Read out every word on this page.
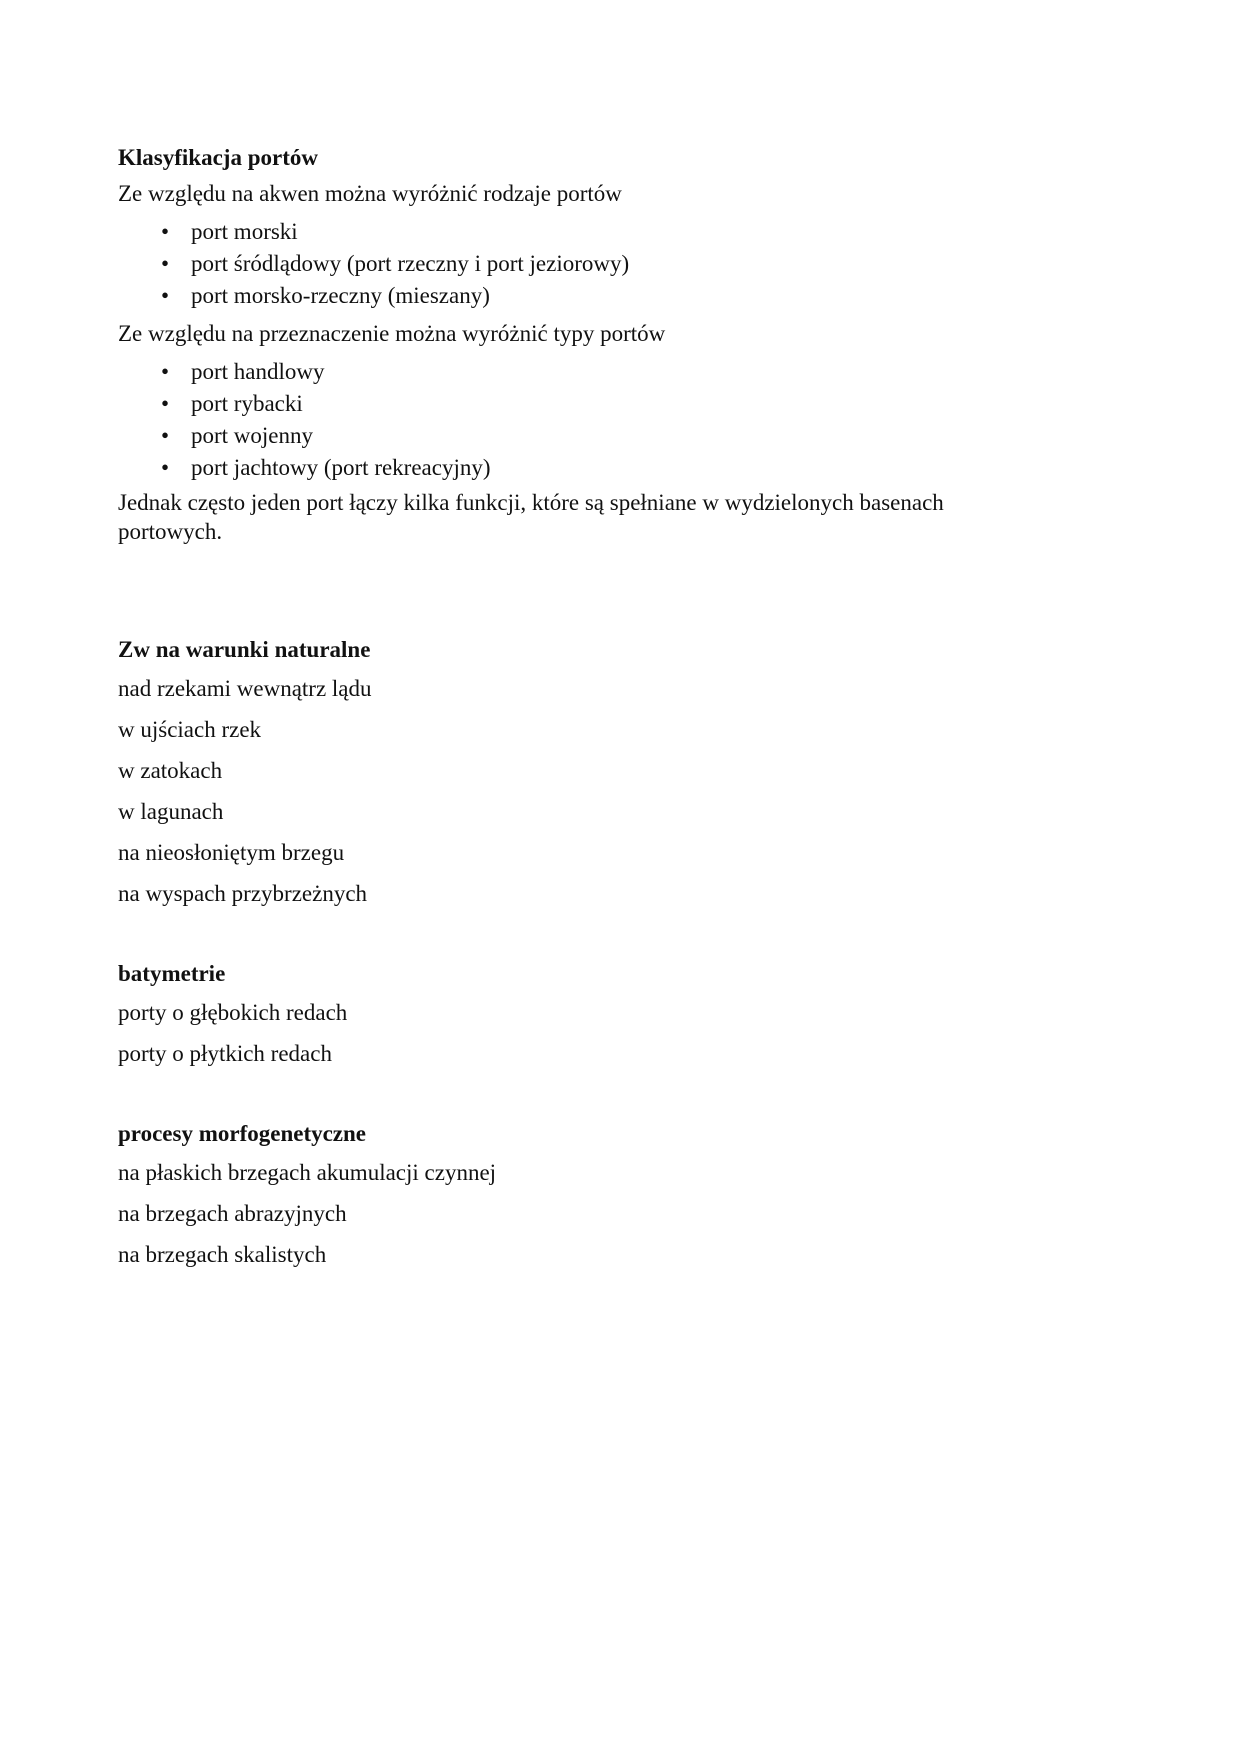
Klasyfikacja portów

Ze względu na akwen można wyróżnić rodzaje portów

• port morski
• port śródlądowy (port rzeczny i port jeziorowy)
• port morsko-rzeczny (mieszany)

Ze względu na przeznaczenie można wyróżnić typy portów

• port handlowy
• port rybacki
• port wojenny
• port jachtowy (port rekreacyjny)

Jednak często jeden port łączy kilka funkcji, które są spełniane w wydzielonych basenach portowych.

Zw na warunki naturalne

nad rzekami wewnątrz lądu

w ujściach rzek

w zatokach

w lagunach

na nieosłoniętym brzegu

na wyspach przybrzeżnych

batymetrie

porty o głębokich redach

porty o płytkich redach

procesy morfogenetyczne

na płaskich brzegach akumulacji czynnej

na brzegach abrazyjnych

na brzegach skalistych
